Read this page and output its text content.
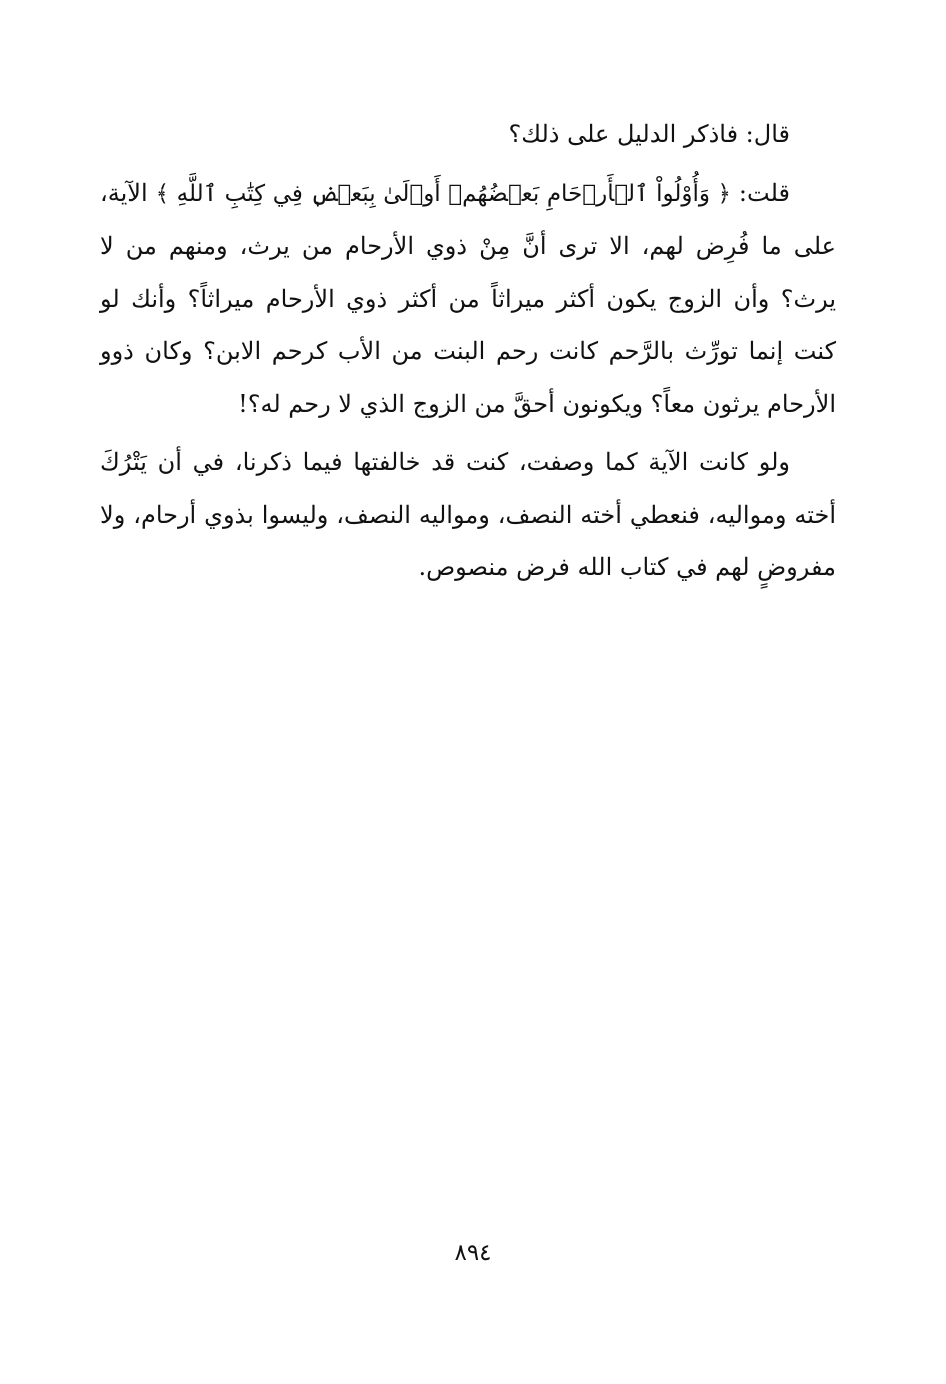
قال: فاذكر الدليل على ذلك؟

قلت: ﴿ وَأُوْلُواْ ٱلۡأَرۡحَامِ بَعۡضُهُمۡ أَوۡلَىٰ بِبَعۡضٖ فِي كِتَٰبِ ٱللَّهِ ﴾ الآية، على ما فُرِض لهم، الا ترى أنَّ مِنْ ذوي الأرحام من يرث، ومنهم من لا يرث؟ وأن الزوج يكون أكثر ميراثاً من أكثر ذوي الأرحام ميراثاً؟ وأنك لو كنت إنما تورِّث بالرَّحم كانت رحم البنت من الأب كرحم الابن؟ وكان ذوو الأرحام يرثون معاً؟ ويكونون أحقَّ من الزوج الذي لا رحم له؟!

ولو كانت الآية كما وصفت، كنت قد خالفتها فيما ذكرنا، في أن يَتْرُكَ أخته ومواليه، فنعطي أخته النصف، ومواليه النصف، وليسوا بذوي أرحام، ولا مفروضٍ لهم في كتاب الله فرض منصوص.

٨٩٤
